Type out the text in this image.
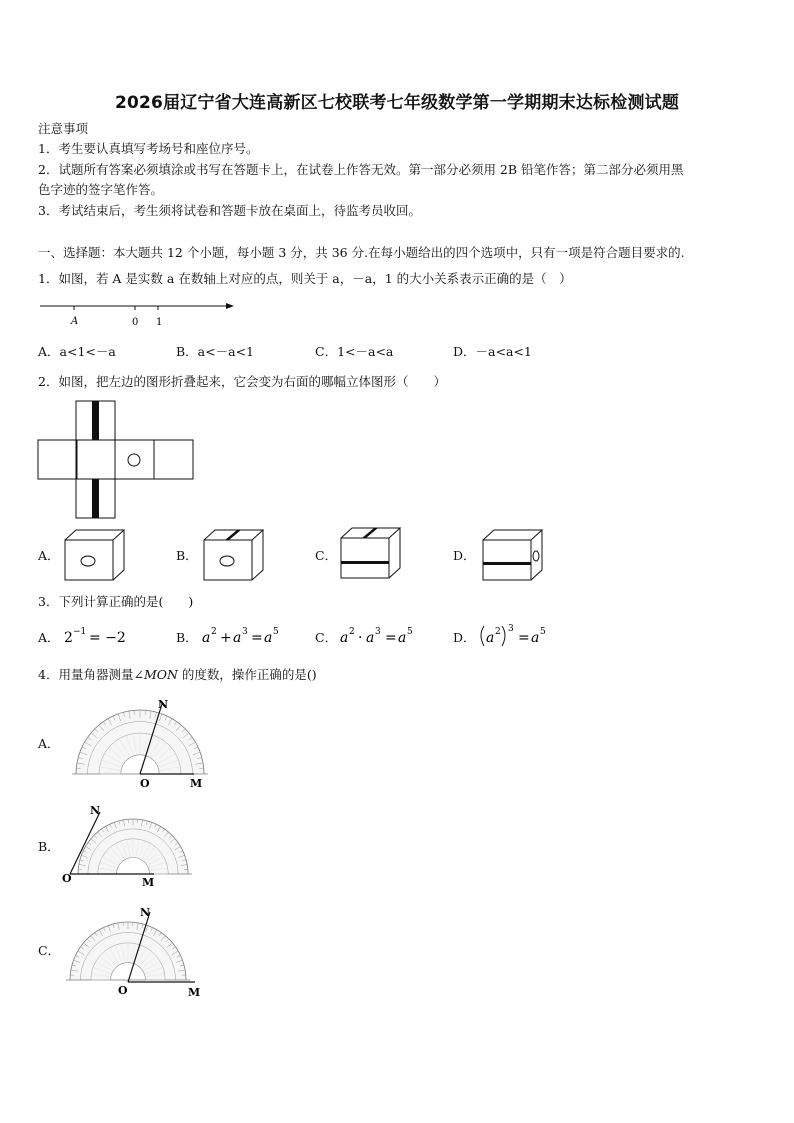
2026届辽宁省大连高新区七校联考七年级数学第一学期期末达标检测试题
注意事项
1．考生要认真填写考场号和座位序号。
2．试题所有答案必须填涂或书写在答题卡上，在试卷上作答无效。第一部分必须用 2B 铅笔作答；第二部分必须用黑
色字迹的签字笔作答。
3．考试结束后，考生须将试卷和答题卡放在桌面上，待监考员收回。
一、选择题：本大题共 12 个小题，每小题 3 分，共 36 分.在每小题给出的四个选项中，只有一项是符合题目要求的.
1．如图，若 A 是实数 a 在数轴上对应的点，则关于 a，－a，1 的大小关系表示正确的是（　）
A	0 1
A．a<1<－a	B．a<－a<1	C．1<－a<a	D．－a<a<1
2．如图，把左边的图形折叠起来，它会变为右面的哪幅立体图形（　　）
A．	B．	C．	D．
3．下列计算正确的是(　　)
A． 2 −1 = −2	B． a 2 + a 3 = a 5	C． a 2 · a 3 = a 5	D． a 2 3
= a 5
4．用量角器测量∠MON 的度数，操作正确的是()
A．
N
O	M
B．
N
O	M
C．
N
O	M
